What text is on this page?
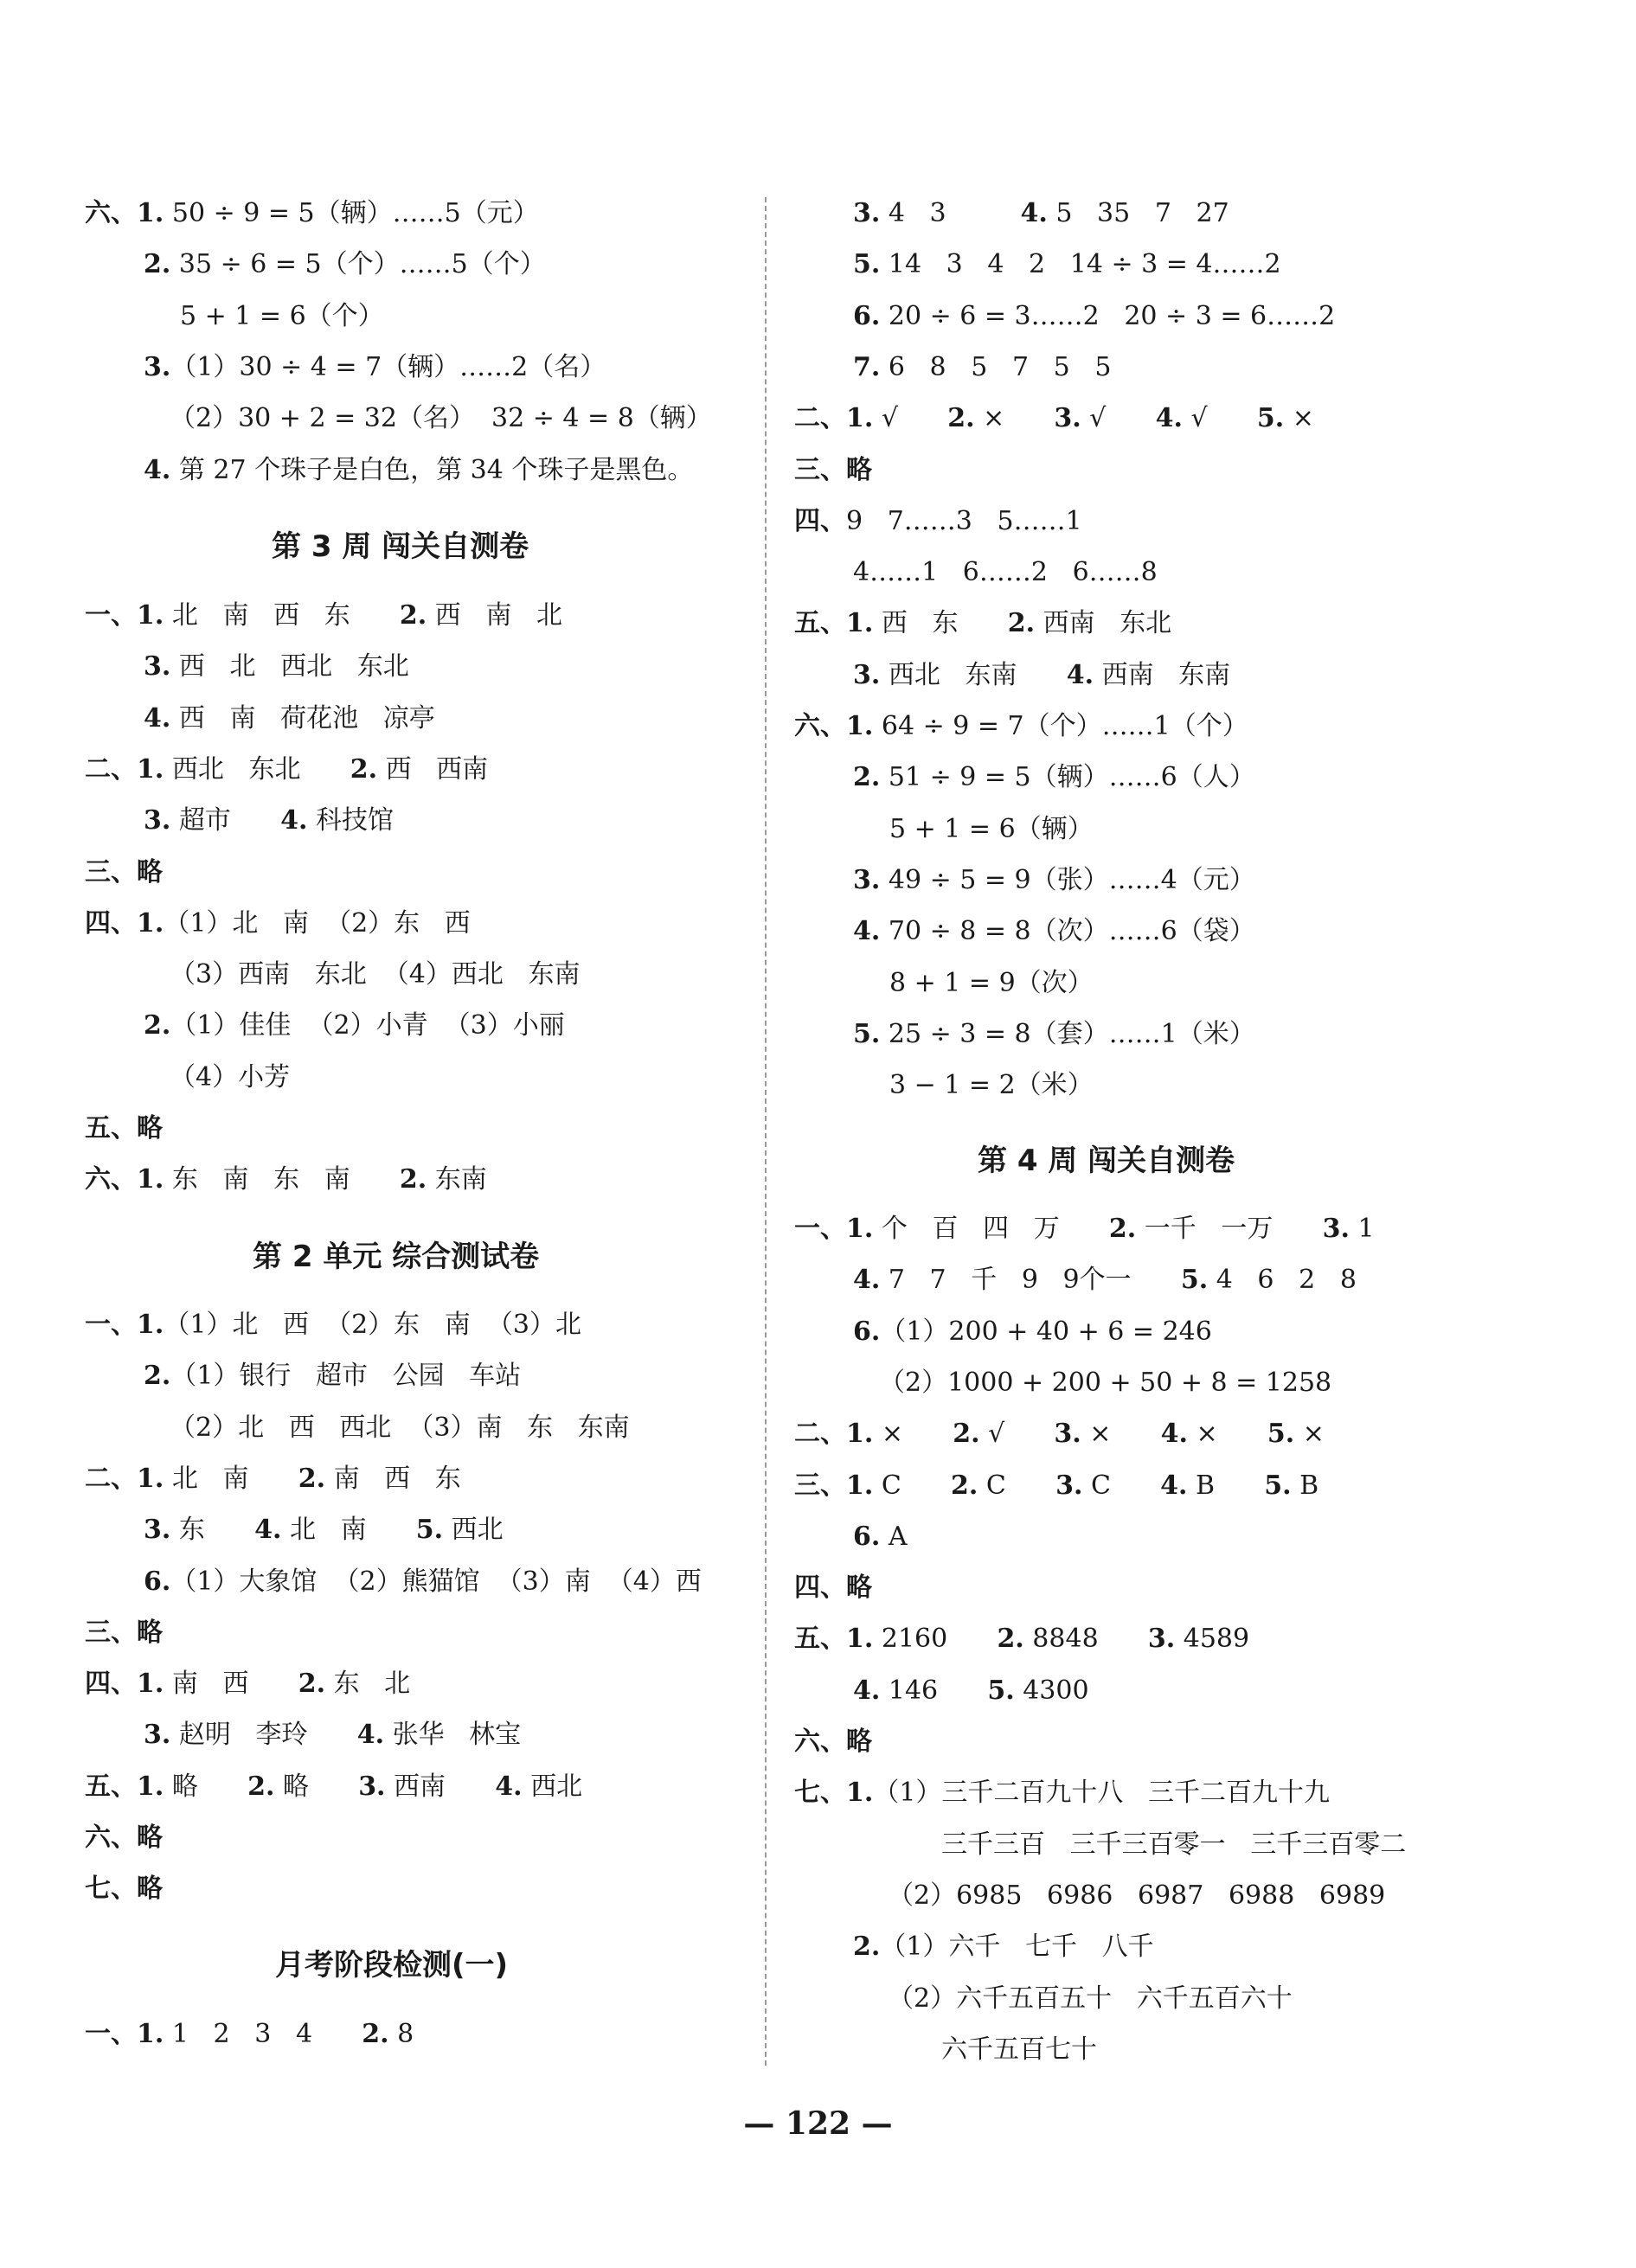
六、1. 50 ÷ 9 = 5（辆）……5（元）
2. 35 ÷ 6 = 5（个）……5（个）
5 + 1 = 6（个）
3.（1）30 ÷ 4 = 7（辆）……2（名）
（2）30 + 2 = 32（名）  32 ÷ 4 = 8（辆）
4. 第 27 个珠子是白色，第 34 个珠子是黑色。
第 3 周 闯关自测卷
一、1. 北   南   西   东      2. 西   南   北
3. 西   北   西北   东北
4. 西   南   荷花池   凉亭
二、1. 西北   东北      2. 西   西南
3. 超市      4. 科技馆
三、略
四、1.（1）北   南  （2）东   西
（3）西南   东北  （4）西北   东南
2.（1）佳佳  （2）小青  （3）小丽
（4）小芳
五、略
六、1. 东   南   东   南      2. 东南
第 2 单元 综合测试卷
一、1.（1）北   西  （2）东   南  （3）北
2.（1）银行   超市   公园   车站
（2）北   西   西北  （3）南   东   东南
二、1. 北   南      2. 南   西   东
3. 东      4. 北   南      5. 西北
6.（1）大象馆  （2）熊猫馆  （3）南  （4）西
三、略
四、1. 南   西      2. 东   北
3. 赵明   李玲      4. 张华   林宝
五、1. 略      2. 略      3. 西南      4. 西北
六、略
七、略
月考阶段检测(一)
一、1. 1   2   3   4      2. 8
3. 4   3         4. 5   35   7   27
5. 14   3   4   2   14 ÷ 3 = 4……2
6. 20 ÷ 6 = 3……2   20 ÷ 3 = 6……2
7. 6   8   5   7   5   5
二、1. √      2. ×      3. √      4. √      5. ×
三、略
四、9   7……3   5……1
4……1   6……2   6……8
五、1. 西   东      2. 西南   东北
3. 西北   东南      4. 西南   东南
六、1. 64 ÷ 9 = 7（个）……1（个）
2. 51 ÷ 9 = 5（辆）……6（人）
5 + 1 = 6（辆）
3. 49 ÷ 5 = 9（张）……4（元）
4. 70 ÷ 8 = 8（次）……6（袋）
8 + 1 = 9（次）
5. 25 ÷ 3 = 8（套）……1（米）
3 − 1 = 2（米）
第 4 周 闯关自测卷
一、1. 个   百   四   万      2. 一千   一万      3. 1
4. 7   7   千   9   9个一      5. 4   6   2   8
6.（1）200 + 40 + 6 = 246
（2）1000 + 200 + 50 + 8 = 1258
二、1. ×      2. √      3. ×      4. ×      5. ×
三、1. C      2. C      3. C      4. B      5. B
6. A
四、略
五、1. 2160      2. 8848      3. 4589
4. 146      5. 4300
六、略
七、1.（1）三千二百九十八   三千二百九十九
三千三百   三千三百零一   三千三百零二
（2）6985   6986   6987   6988   6989
2.（1）六千   七千   八千
（2）六千五百五十   六千五百六十
六千五百七十
— 122 —
